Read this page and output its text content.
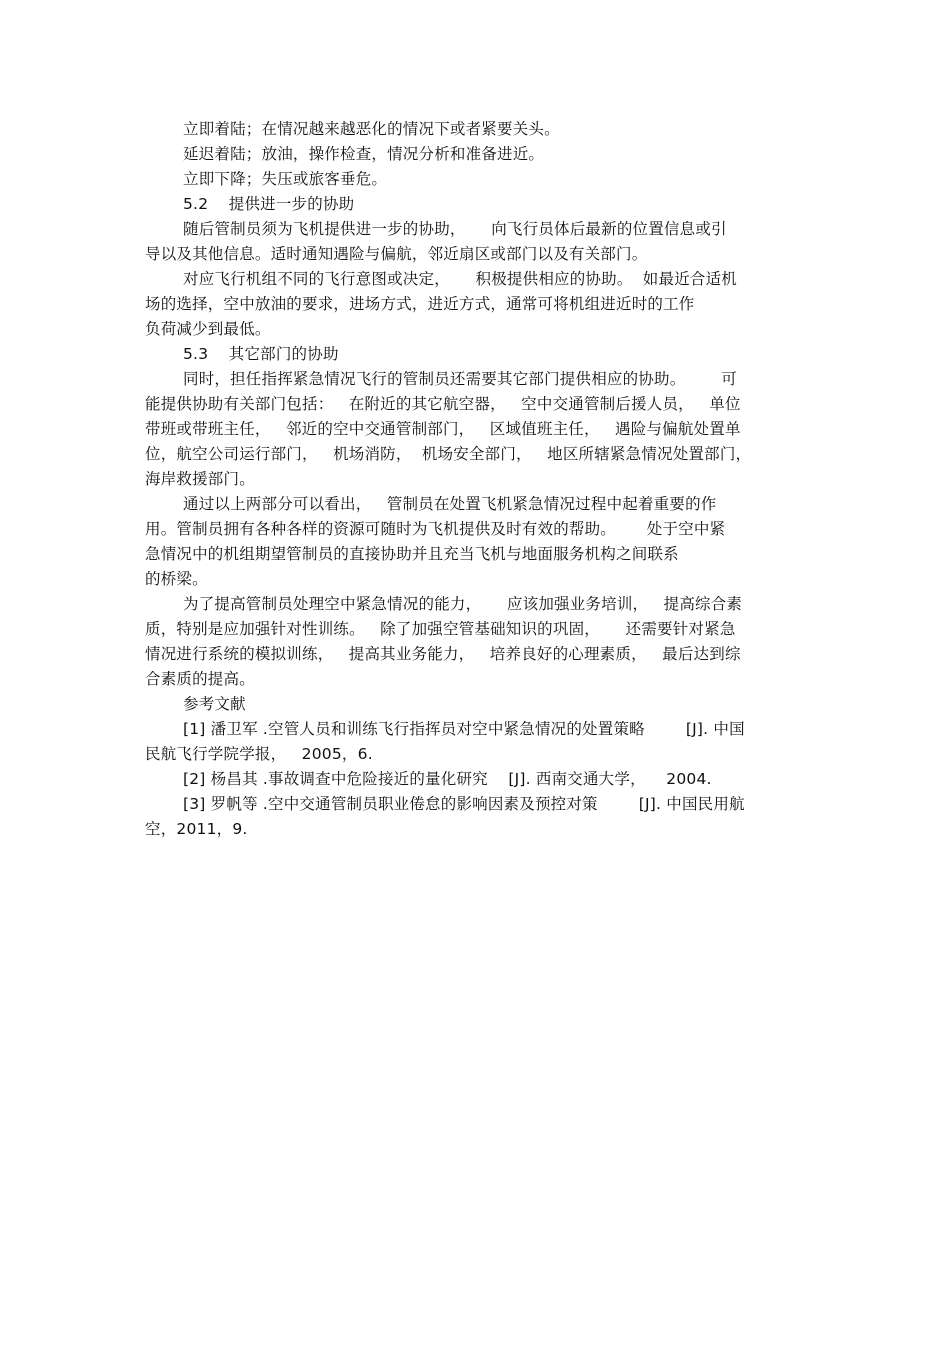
立即着陆；在情况越来越恶化的情况下或者紧要关头。

延迟着陆；放油，操作检查，情况分析和准备进近。

立即下降；失压或旅客垂危。

5.2    提供进一步的协助

随后管制员须为飞机提供进一步的协助，     向飞行员体后最新的位置信息或引

导以及其他信息。适时通知遇险与偏航，邻近扇区或部门以及有关部门。

对应飞行机组不同的飞行意图或决定，     积极提供相应的协助。  如最近合适机

场的选择，空中放油的要求，进场方式，进近方式，通常可将机组进近时的工作

负荷减少到最低。

5.3    其它部门的协助

同时，担任指挥紧急情况飞行的管制员还需要其它部门提供相应的协助。       可

能提供协助有关部门包括：   在附近的其它航空器，   空中交通管制后援人员，   单位

带班或带班主任，   邻近的空中交通管制部门，   区域值班主任，   遇险与偏航处置单

位，航空公司运行部门，   机场消防，  机场安全部门，   地区所辖紧急情况处置部门，

海岸救援部门。

通过以上两部分可以看出，   管制员在处置飞机紧急情况过程中起着重要的作

用。管制员拥有各种各样的资源可随时为飞机提供及时有效的帮助。      处于空中紧

急情况中的机组期望管制员的直接协助并且充当飞机与地面服务机构之间联系

的桥梁。

为了提高管制员处理空中紧急情况的能力，     应该加强业务培训，   提高综合素

质，特别是应加强针对性训练。   除了加强空管基础知识的巩固，     还需要针对紧急

情况进行系统的模拟训练，   提高其业务能力，   培养良好的心理素质，   最后达到综

合素质的提高。

参考文献

[1] 潘卫军 .空管人员和训练飞行指挥员对空中紧急情况的处置策略        [J]. 中国

民航飞行学院学报，   2005，6.

[2] 杨昌其 .事故调查中危险接近的量化研究    [J]. 西南交通大学，    2004.

[3] 罗帆等 .空中交通管制员职业倦怠的影响因素及预控对策        [J]. 中国民用航

空，2011，9.
